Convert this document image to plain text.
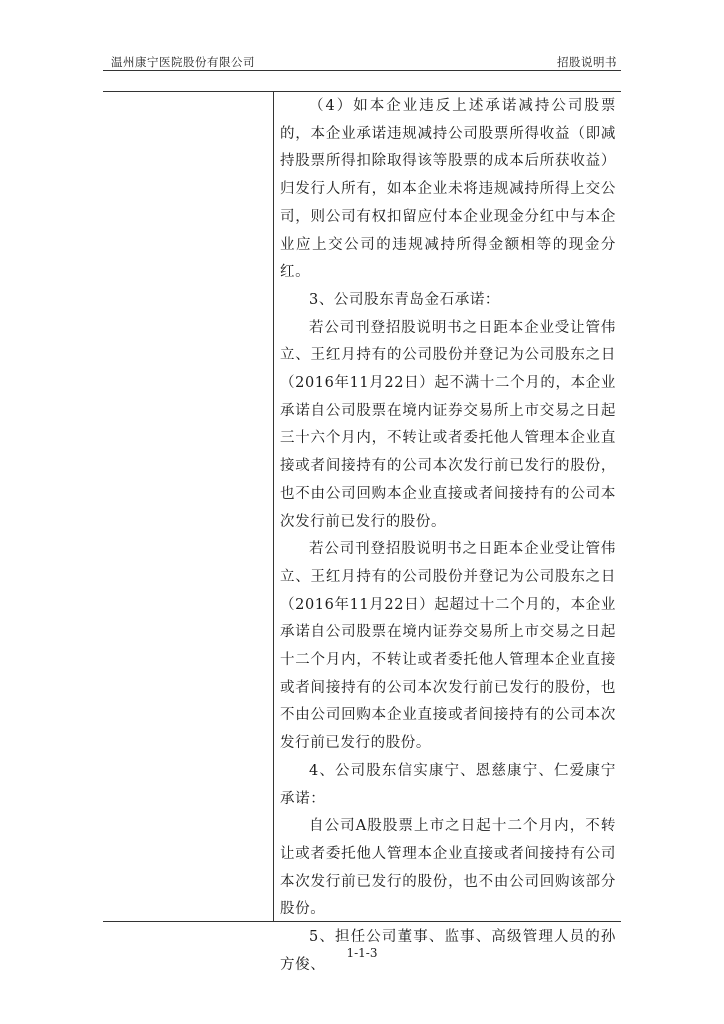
温州康宁医院股份有限公司	招股说明书

（4）如本企业违反上述承诺减持公司股票的，本企业承诺违规减持公司股票所得收益（即减持股票所得扣除取得该等股票的成本后所获收益）归发行人所有，如本企业未将违规减持所得上交公司，则公司有权扣留应付本企业现金分红中与本企业应上交公司的违规减持所得金额相等的现金分红。

3、公司股东青岛金石承诺：

若公司刊登招股说明书之日距本企业受让管伟立、王红月持有的公司股份并登记为公司股东之日（2016年11月22日）起不满十二个月的，本企业承诺自公司股票在境内证券交易所上市交易之日起三十六个月内，不转让或者委托他人管理本企业直接或者间接持有的公司本次发行前已发行的股份，也不由公司回购本企业直接或者间接持有的公司本次发行前已发行的股份。

若公司刊登招股说明书之日距本企业受让管伟立、王红月持有的公司股份并登记为公司股东之日（2016年11月22日）起超过十二个月的，本企业承诺自公司股票在境内证券交易所上市交易之日起十二个月内，不转让或者委托他人管理本企业直接或者间接持有的公司本次发行前已发行的股份，也不由公司回购本企业直接或者间接持有的公司本次发行前已发行的股份。

4、公司股东信实康宁、恩慈康宁、仁爱康宁承诺：

自公司A股股票上市之日起十二个月内，不转让或者委托他人管理本企业直接或者间接持有公司本次发行前已发行的股份，也不由公司回购该部分股份。

5、担任公司董事、监事、高级管理人员的孙方俊、

1-1-3
